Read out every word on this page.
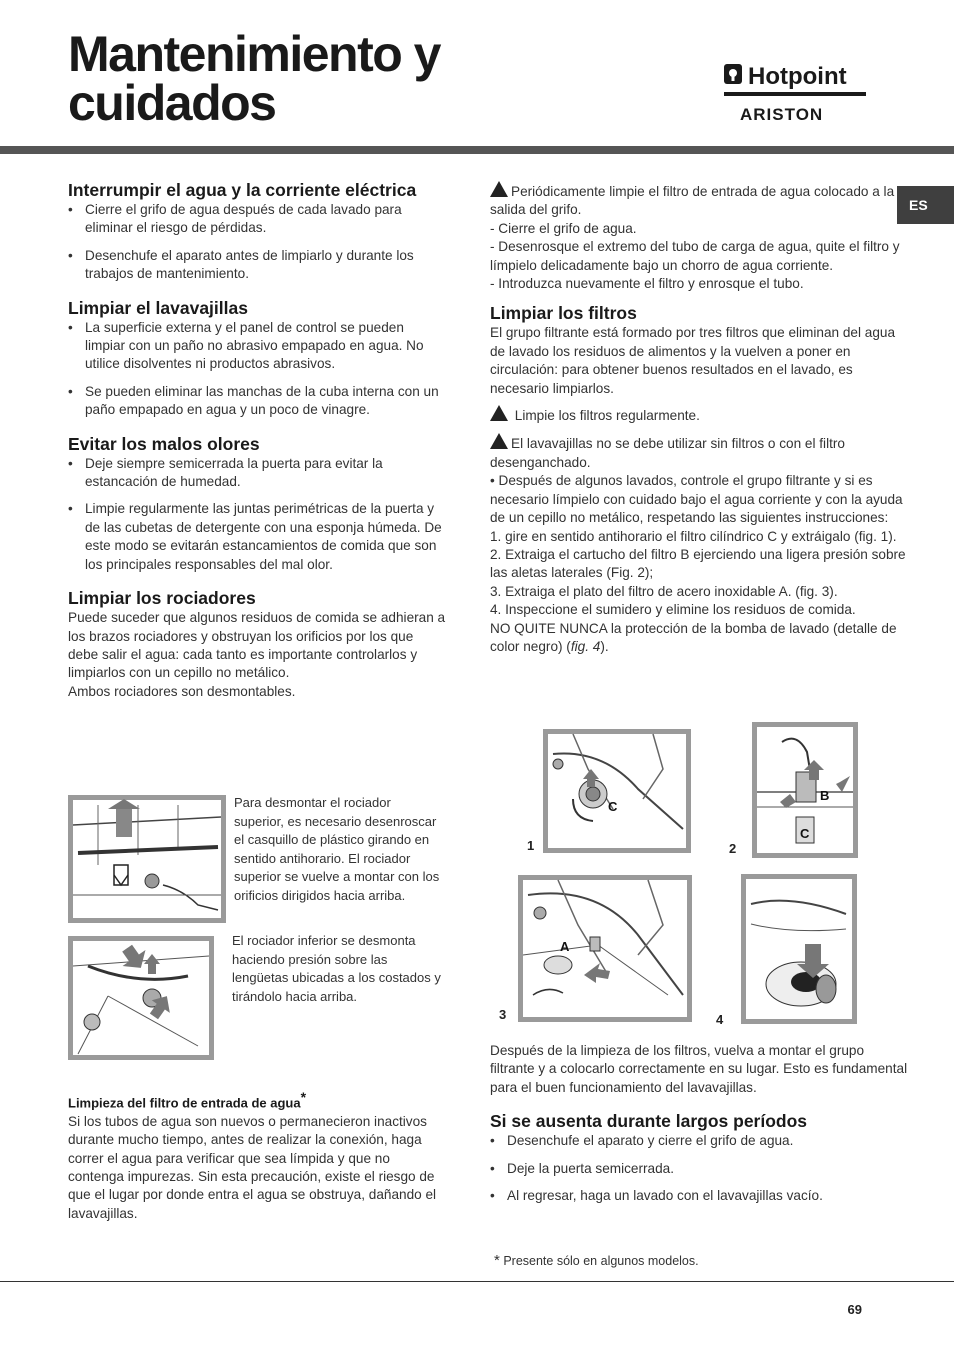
Mantenimiento y cuidados	Hotpoint
ARISTON
ES
Interrumpir el agua y la corriente eléctrica
• Cierre el grifo de agua después de cada lavado para eliminar el riesgo de pérdidas.
• Desenchufe el aparato antes de limpiarlo y durante los trabajos de mantenimiento.
Limpiar el lavavajillas
• La superficie externa y el panel de control se pueden limpiar con un paño no abrasivo empapado en agua. No utilice disolventes ni productos abrasivos.
• Se pueden eliminar las manchas de la cuba interna con un paño empapado en agua y un poco de vinagre.
Evitar los malos olores
• Deje siempre semicerrada la puerta para evitar la estancación de humedad.
• Limpie regularmente las juntas perimétricas de la puerta y de las cubetas de detergente con una esponja húmeda. De este modo se evitarán estancamientos de comida que son los principales responsables del mal olor.
Limpiar los rociadores

Puede suceder que algunos residuos de comida se adhieran a los brazos rociadores y obstruyan los orificios por los que debe salir el agua: cada tanto es importante controlarlos y limpiarlos con un cepillo no metálico.

Ambos rociadores son desmontables.

Para desmontar el rociador superior, es necesario desenroscar el casquillo de plástico girando en sentido antihorario. El rociador superior se vuelve a montar con los orificios dirigidos hacia arriba.
El rociador inferior se desmonta haciendo presión sobre las lengüetas ubicadas a los costados y tirándolo hacia arriba.
Limpieza del filtro de entrada de agua*

Si los tubos de agua son nuevos o permanecieron inactivos durante mucho tiempo, antes de realizar la conexión, haga correr el agua para verificar que sea límpida y que no contenga impurezas. Sin esta precaución, existe el riesgo de que el lugar por donde entra el agua se obstruya, dañando el lavavajillas.

Periódicamente limpie el filtro de entrada de agua colocado a la salida del grifo.

- Cierre el grifo de agua.

- Desenrosque el extremo del tubo de carga de agua, quite el filtro y límpielo delicadamente bajo un chorro de agua corriente.

- Introduzca nuevamente el filtro y enrosque el tubo.

Limpiar los filtros

El grupo filtrante está formado por tres filtros que eliminan del agua de lavado los residuos de alimentos y la vuelven a poner en circulación: para obtener buenos resultados en el lavado, es necesario limpiarlos.

Limpie los filtros regularmente.

El lavavajillas no se debe utilizar sin filtros o con el filtro desenganchado.

• Después de algunos lavados, controle el grupo filtrante y si es necesario límpielo con cuidado bajo el agua corriente y con la ayuda de un cepillo no metálico, respetando las siguientes instrucciones:

1. gire en sentido antihorario el filtro cilíndrico C y extráigalo (fig. 1).

2. Extraiga el cartucho del filtro B ejerciendo una ligera presión sobre las aletas laterales (Fig. 2);

3. Extraiga el plato del filtro de acero inoxidable A. (fig. 3).

4. Inspeccione el sumidero y elimine los residuos de comida.

NO QUITE NUNCA la protección de la bomba de lavado (detalle de color negro) (fig. 4).

C
1
B
C
2
A
3	4

Después de la limpieza de los filtros, vuelva a montar el grupo filtrante y a colocarlo correctamente en su lugar. Esto es fundamental para el buen funcionamiento del lavavajillas.

Si se ausenta durante largos períodos
• Desenchufe el aparato y cierre el grifo de agua.
• Deje la puerta semicerrada.
• Al regresar, haga un lavado con el lavavajillas vacío.
* Presente sólo en algunos modelos.
69
